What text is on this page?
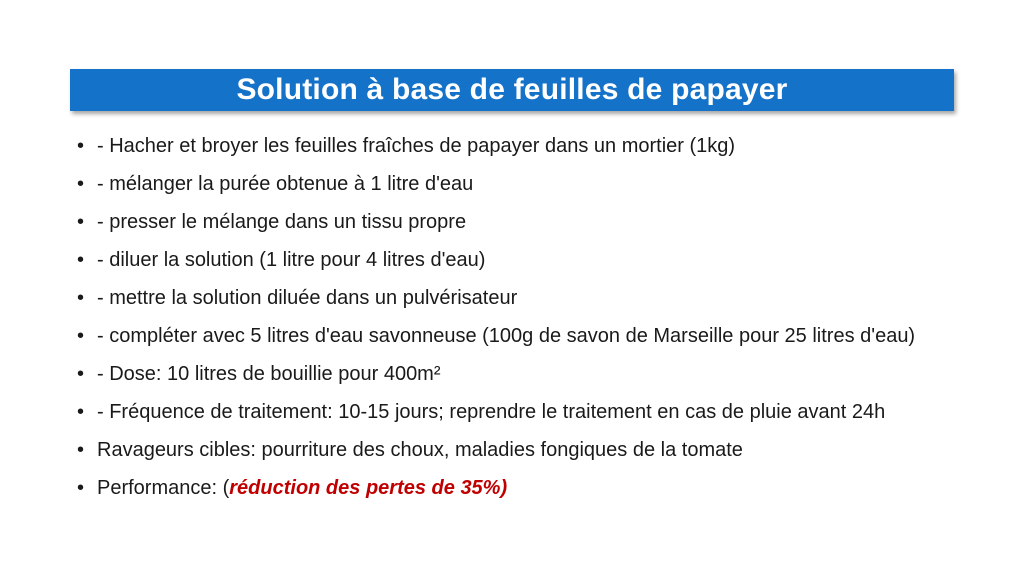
Solution à base de feuilles de papayer
• - Hacher et broyer les feuilles fraîches de papayer dans un mortier (1kg)
• - mélanger la purée obtenue à 1 litre d'eau
• - presser le mélange dans un tissu propre
• - diluer la solution (1 litre pour 4 litres d'eau)
• - mettre la solution diluée dans un pulvérisateur
• - compléter avec 5 litres d'eau savonneuse (100g de savon de Marseille pour 25 litres d'eau)
• - Dose: 10 litres de bouillie pour 400m²
• - Fréquence de traitement: 10-15 jours; reprendre le traitement en cas de pluie avant 24h
• Ravageurs cibles: pourriture des choux, maladies fongiques de la tomate
• Performance: (réduction des pertes de 35%)
